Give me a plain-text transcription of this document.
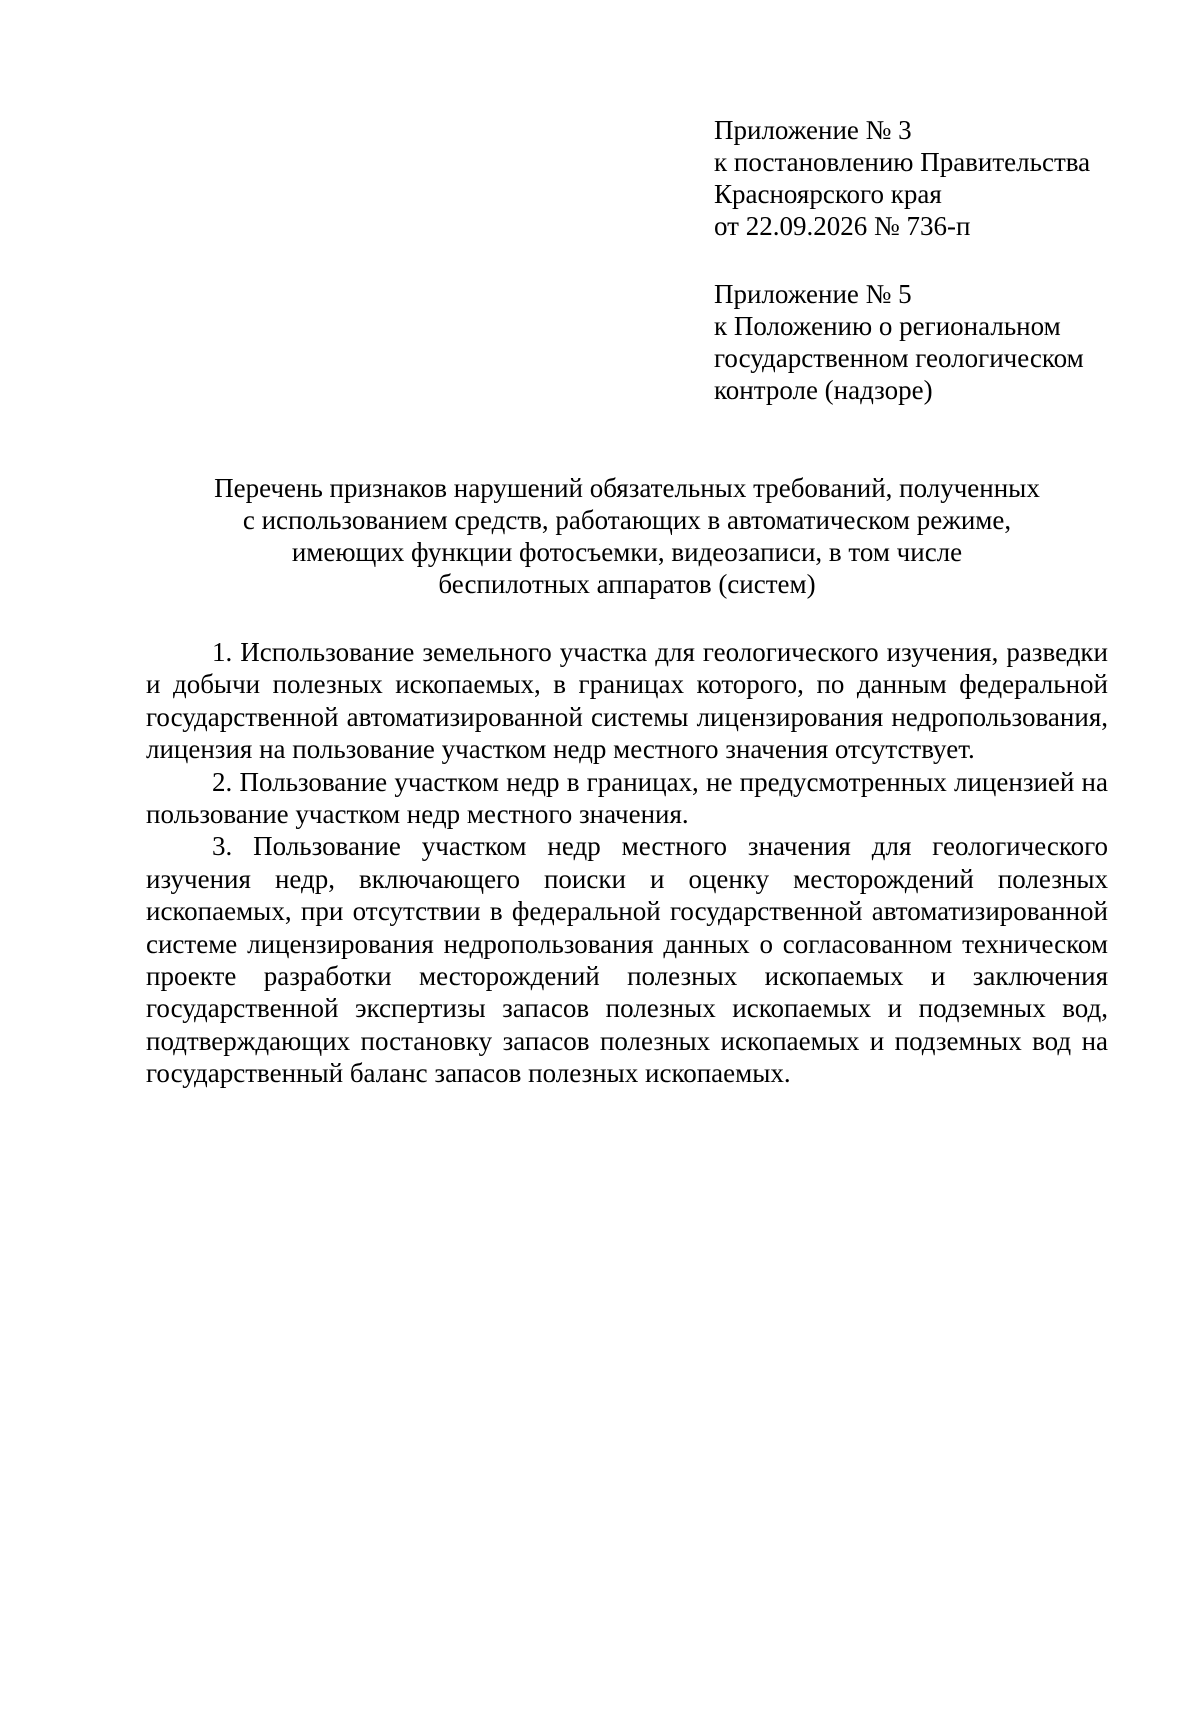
Приложение № 3
к постановлению Правительства
Красноярского края
от 22.09.2026 № 736-п
Приложение № 5
к Положению о региональном
государственном геологическом
контроле (надзоре)
Перечень признаков нарушений обязательных требований, полученных
с использованием средств, работающих в автоматическом режиме,
имеющих функции фотосъемки, видеозаписи, в том числе
беспилотных аппаратов (систем)

1. Использование земельного участка для геологического изучения, разведки и добычи полезных ископаемых, в границах которого, по данным федеральной государственной автоматизированной системы лицензирования недропользования, лицензия на пользование участком недр местного значения отсутствует.

2. Пользование участком недр в границах, не предусмотренных лицензией на пользование участком недр местного значения.

3. Пользование участком недр местного значения для геологического изучения недр, включающего поиски и оценку месторождений полезных ископаемых, при отсутствии в федеральной государственной автоматизированной системе лицензирования недропользования данных о согласованном техническом проекте разработки месторождений полезных ископаемых и заключения государственной экспертизы запасов полезных ископаемых и подземных вод, подтверждающих постановку запасов полезных ископаемых и подземных вод на государственный баланс запасов полезных ископаемых.
